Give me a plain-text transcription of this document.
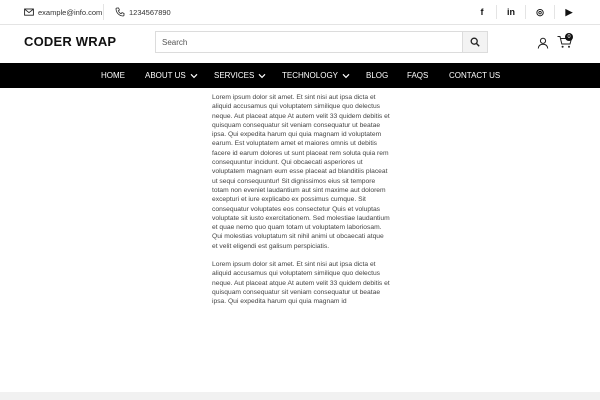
example@info.com	1234567890	f	in ◎ ▶
CODER WRAP
Search	0
HOME	ABOUT US	SERVICES	TECHNOLOGY	BLOG FAQS	CONTACT US

Lorem ipsum dolor sit amet. Et sint nisi aut ipsa dicta et aliquid accusamus qui voluptatem similique quo delectus neque. Aut placeat atque At autem velit 33 quidem debitis et quisquam consequatur sit veniam consequatur ut beatae ipsa. Qui expedita harum qui quia magnam id voluptatem earum. Est voluptatem amet et maiores omnis ut debitis facere id earum dolores ut sunt placeat rem soluta quia rem consequuntur incidunt. Qui obcaecati asperiores ut voluptatem magnam eum esse placeat ad blanditiis placeat ut sequi consequuntur! Sit dignissimos eius sit tempore totam non eveniet laudantium aut sint maxime aut dolorem excepturi et iure explicabo ex possimus cumque. Sit consequatur voluptates eos consectetur Quis et voluptas voluptate sit iusto exercitationem. Sed molestiae laudantium et quae nemo quo quam totam ut voluptatem laboriosam. Qui molestias voluptatum sit nihil animi ut obcaecati atque et velit eligendi est galisum perspiciatis.

Lorem ipsum dolor sit amet. Et sint nisi aut ipsa dicta et aliquid accusamus qui voluptatem similique quo delectus neque. Aut placeat atque At autem velit 33 quidem debitis et quisquam consequatur sit veniam consequatur ut beatae ipsa. Qui expedita harum qui quia magnam id
